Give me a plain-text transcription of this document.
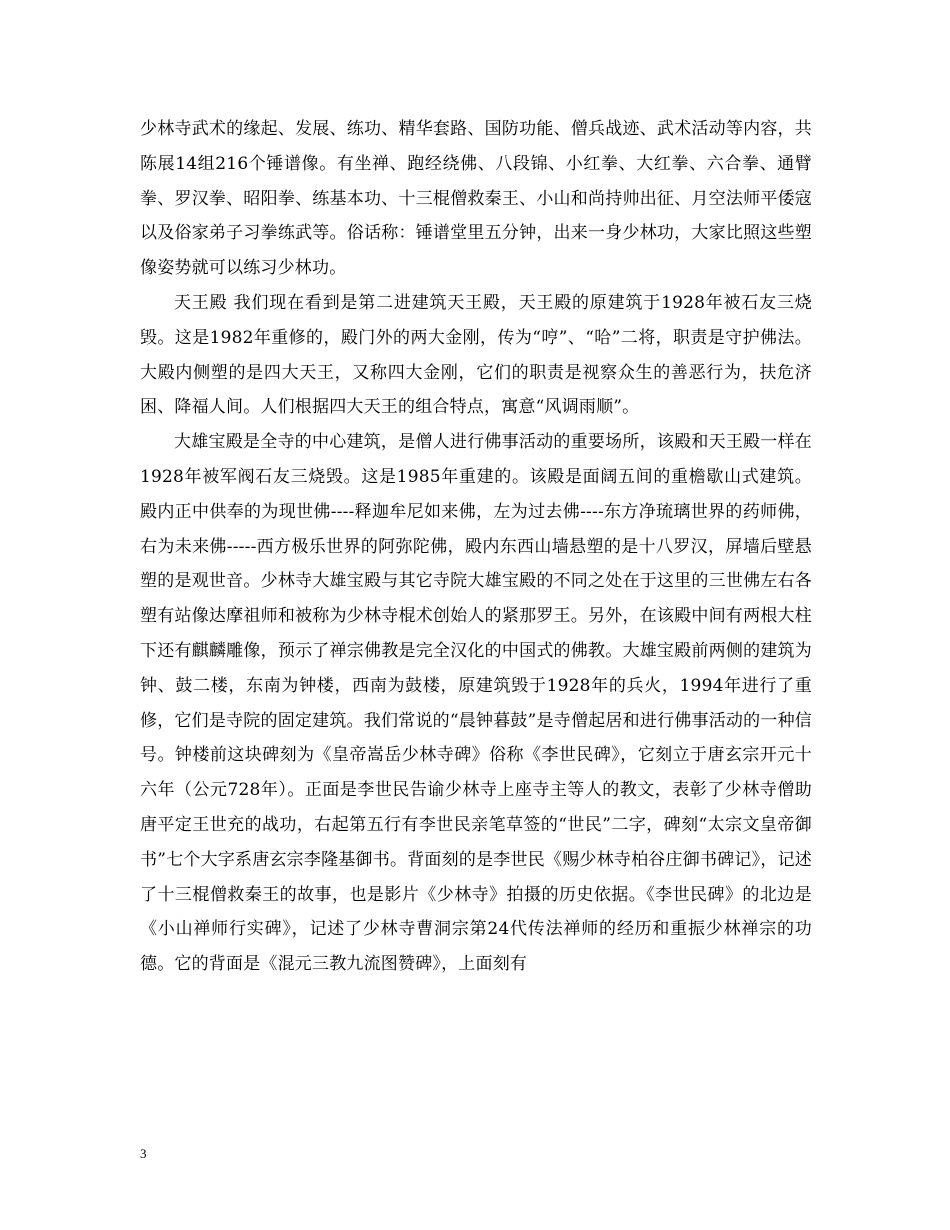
少林寺武术的缘起、发展、练功、精华套路、国防功能、僧兵战迹、武术活动等内容，共陈展14组216个锤谱像。有坐禅、跑经绕佛、八段锦、小红拳、大红拳、六合拳、通臂拳、罗汉拳、昭阳拳、练基本功、十三棍僧救秦王、小山和尚持帅出征、月空法师平倭寇以及俗家弟子习拳练武等。俗话称：锤谱堂里五分钟，出来一身少林功，大家比照这些塑像姿势就可以练习少林功。

天王殿 我们现在看到是第二进建筑天王殿，天王殿的原建筑于1928年被石友三烧毁。这是1982年重修的，殿门外的两大金刚，传为“哼”、“哈”二将，职责是守护佛法。大殿内侧塑的是四大天王，又称四大金刚，它们的职责是视察众生的善恶行为，扶危济困、降福人间。人们根据四大天王的组合特点，寓意“风调雨顺”。

大雄宝殿是全寺的中心建筑，是僧人进行佛事活动的重要场所，该殿和天王殿一样在1928年被军阀石友三烧毁。这是1985年重建的。该殿是面阔五间的重檐歇山式建筑。殿内正中供奉的为现世佛----释迦牟尼如来佛，左为过去佛----东方净琉璃世界的药师佛，右为未来佛-----西方极乐世界的阿弥陀佛，殿内东西山墙悬塑的是十八罗汉，屏墙后壁悬塑的是观世音。少林寺大雄宝殿与其它寺院大雄宝殿的不同之处在于这里的三世佛左右各塑有站像达摩祖师和被称为少林寺棍术创始人的紧那罗王。另外，在该殿中间有两根大柱下还有麒麟雕像，预示了禅宗佛教是完全汉化的中国式的佛教。大雄宝殿前两侧的建筑为钟、鼓二楼，东南为钟楼，西南为鼓楼，原建筑毁于1928年的兵火，1994年进行了重修，它们是寺院的固定建筑。我们常说的“晨钟暮鼓”是寺僧起居和进行佛事活动的一种信号。钟楼前这块碑刻为《皇帝嵩岳少林寺碑》俗称《李世民碑》，它刻立于唐玄宗开元十六年（公元728年）。正面是李世民告谕少林寺上座寺主等人的教文，表彰了少林寺僧助唐平定王世充的战功，右起第五行有李世民亲笔草签的“世民”二字，碑刻“太宗文皇帝御书”七个大字系唐玄宗李隆基御书。背面刻的是李世民《赐少林寺柏谷庄御书碑记》，记述了十三棍僧救秦王的故事，也是影片《少林寺》拍摄的历史依据。《李世民碑》的北边是《小山禅师行实碑》，记述了少林寺曹洞宗第24代传法禅师的经历和重振少林禅宗的功德。它的背面是《混元三教九流图赞碑》，上面刻有

3
